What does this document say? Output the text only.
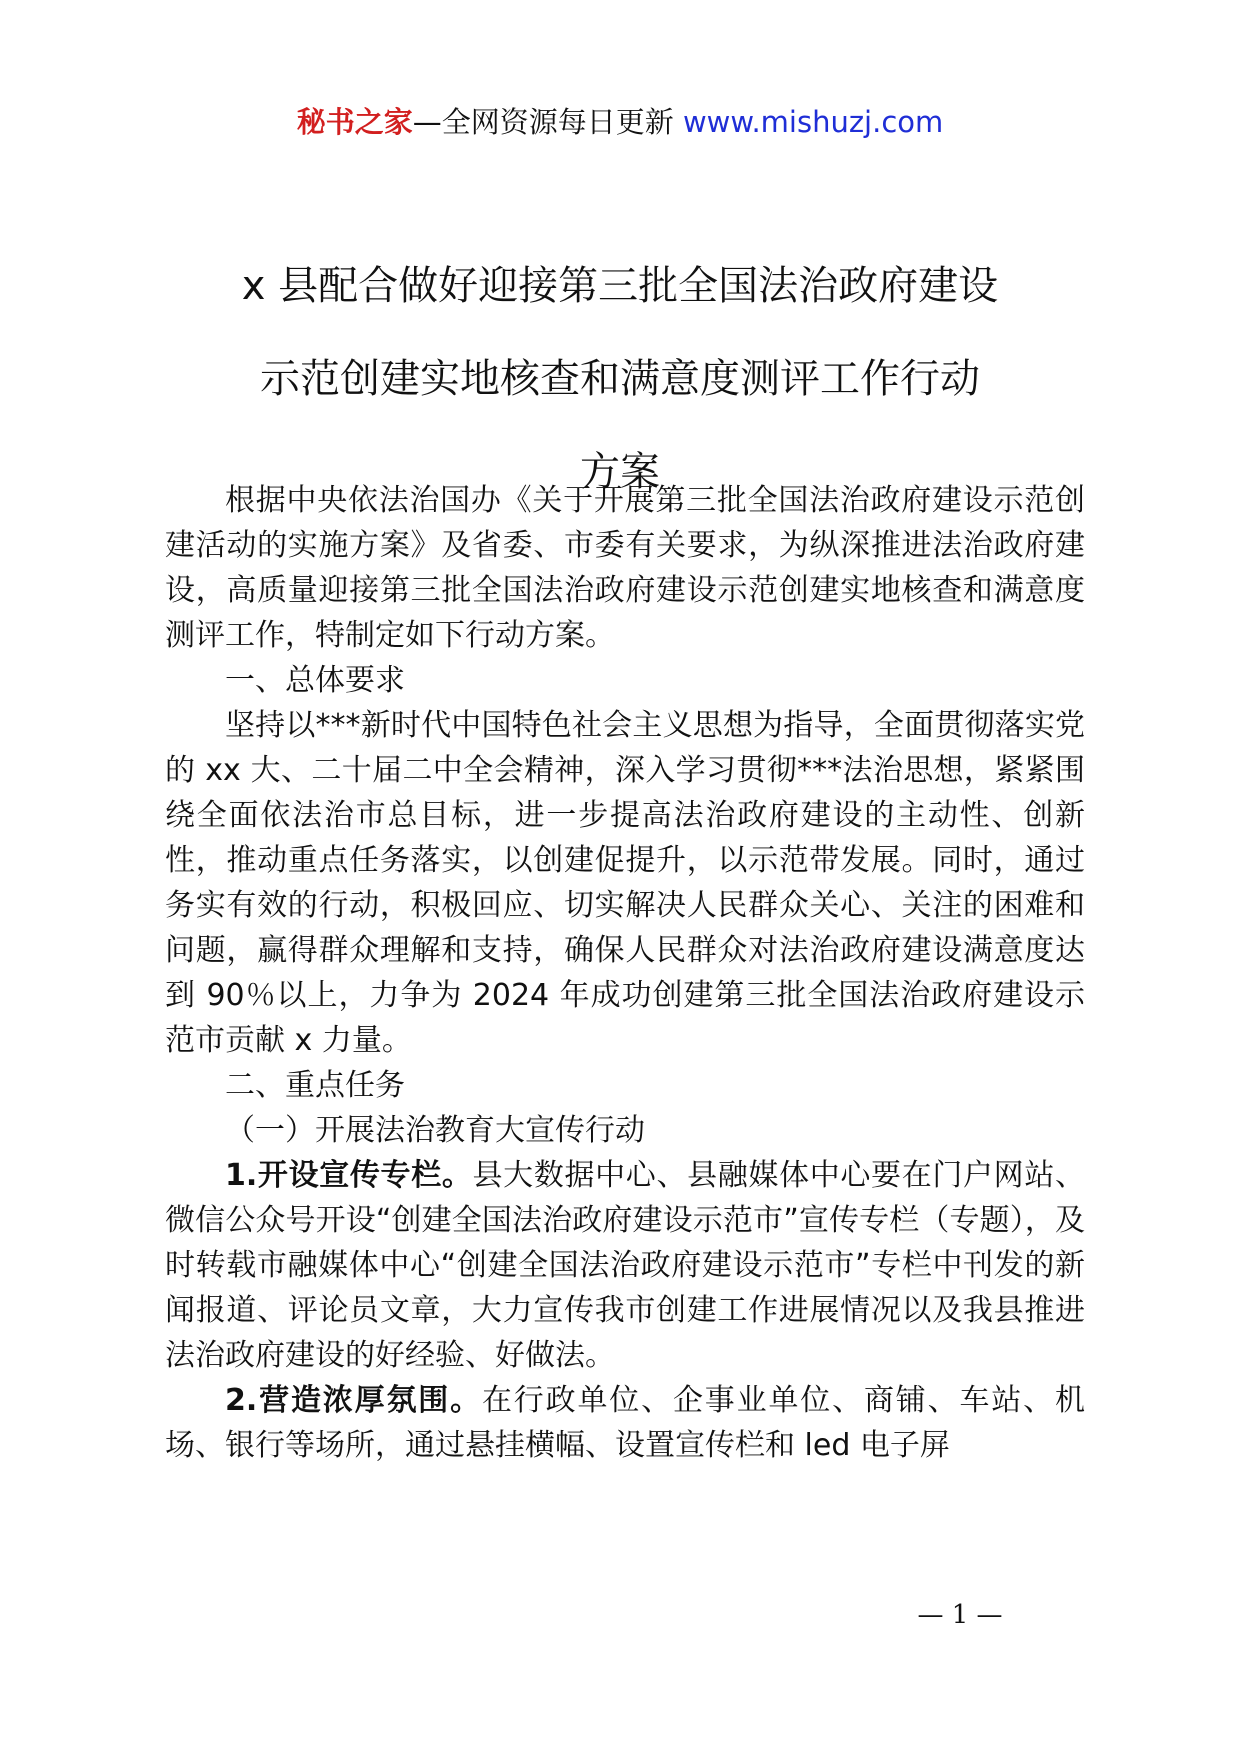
秘书之家—全网资源每日更新 www.mishuzj.com
x 县配合做好迎接第三批全国法治政府建设
示范创建实地核查和满意度测评工作行动
方案

根据中央依法治国办《关于开展第三批全国法治政府建设示范创建活动的实施方案》及省委、市委有关要求，为纵深推进法治政府建设，高质量迎接第三批全国法治政府建设示范创建实地核查和满意度测评工作，特制定如下行动方案。

一、总体要求

坚持以***新时代中国特色社会主义思想为指导，全面贯彻落实党的 xx 大、二十届二中全会精神，深入学习贯彻***法治思想，紧紧围绕全面依法治市总目标，进一步提高法治政府建设的主动性、创新性，推动重点任务落实，以创建促提升，以示范带发展。同时，通过务实有效的行动，积极回应、切实解决人民群众关心、关注的困难和问题，赢得群众理解和支持，确保人民群众对法治政府建设满意度达到 90％以上，力争为 2024 年成功创建第三批全国法治政府建设示范市贡献 x 力量。

二、重点任务

（一）开展法治教育大宣传行动

1.开设宣传专栏。县大数据中心、县融媒体中心要在门户网站、微信公众号开设“创建全国法治政府建设示范市”宣传专栏（专题），及时转载市融媒体中心“创建全国法治政府建设示范市”专栏中刊发的新闻报道、评论员文章，大力宣传我市创建工作进展情况以及我县推进法治政府建设的好经验、好做法。

2.营造浓厚氛围。在行政单位、企事业单位、商铺、车站、机场、银行等场所，通过悬挂横幅、设置宣传栏和 led 电子屏

— 1 —
